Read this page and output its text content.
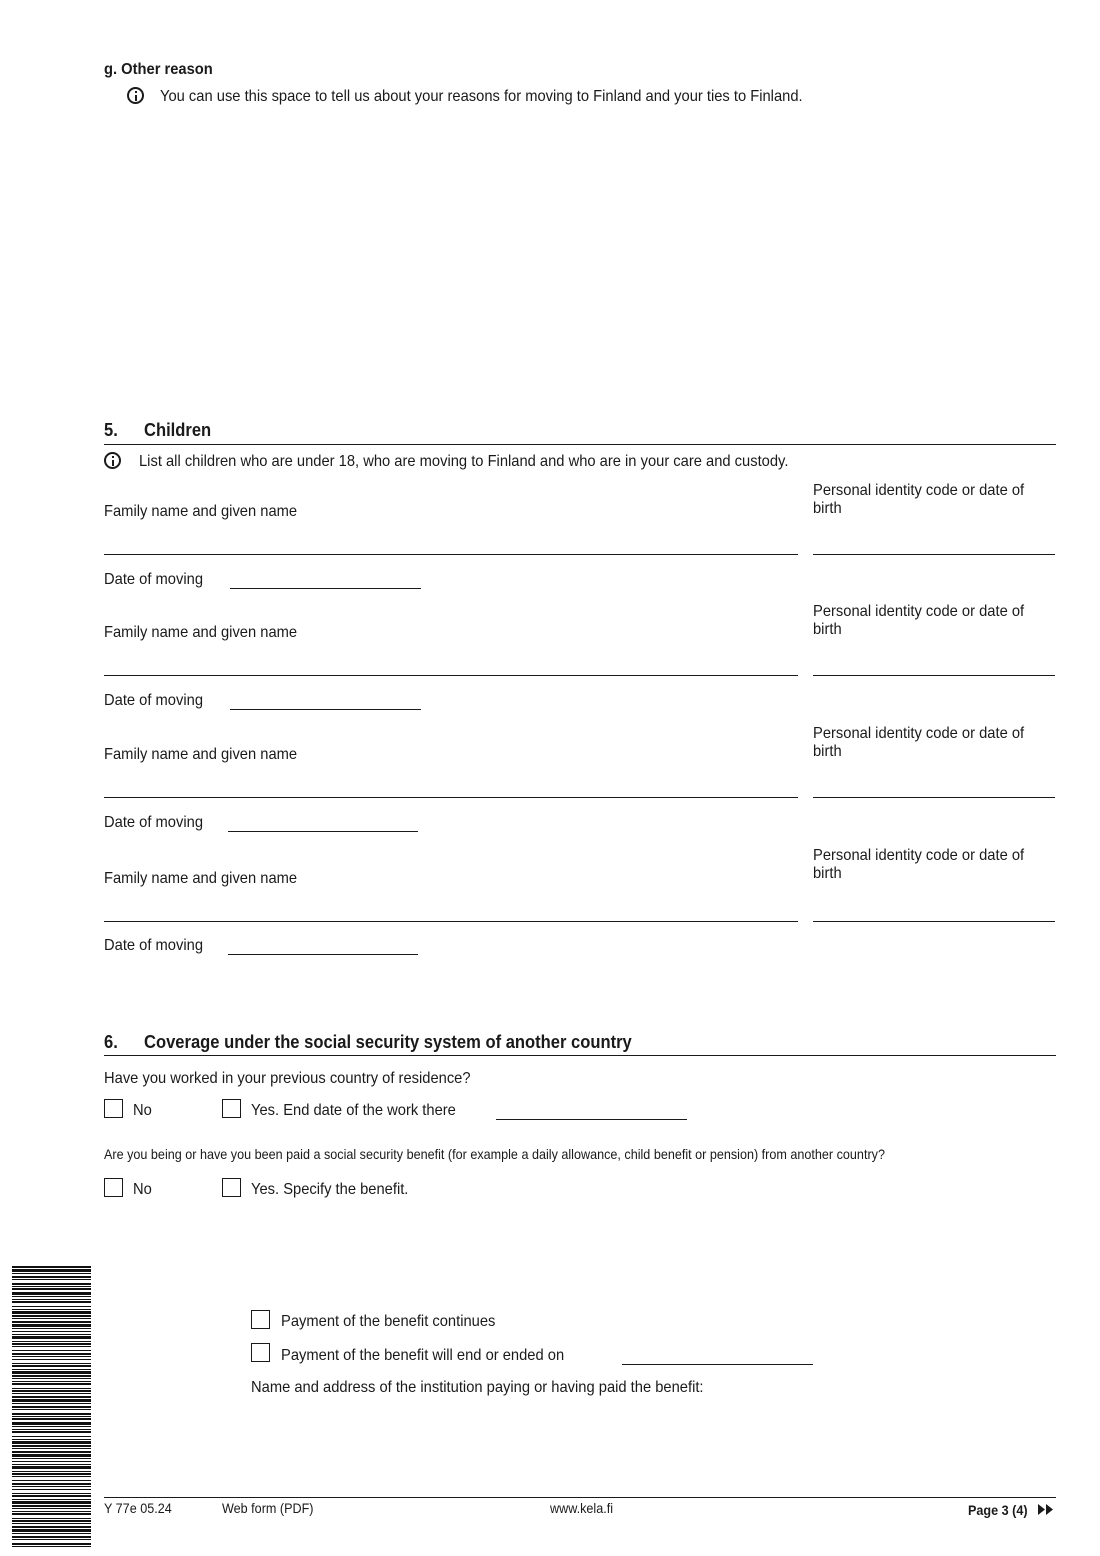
g. Other reason
You can use this space to tell us about your reasons for moving to Finland and your ties to Finland.
5. Children
List all children who are under 18, who are moving to Finland and who are in your care and custody.
Family name and given name
Personal identity code or date of birth
Date of moving
Family name and given name
Personal identity code or date of birth
Date of moving
Family name and given name
Personal identity code or date of birth
Date of moving
Family name and given name
Personal identity code or date of birth
Date of moving
6. Coverage under the social security system of another country
Have you worked in your previous country of residence?
No	Yes. End date of the work there
Are you being or have you been paid a social security benefit (for example a daily allowance, child benefit or pension) from another country?
No	Yes. Specify the benefit.
Payment of the benefit continues
Payment of the benefit will end or ended on
Name and address of the institution paying or having paid the benefit:
Y 77e 05.24	Web form (PDF)	www.kela.fi	Page 3 (4)
